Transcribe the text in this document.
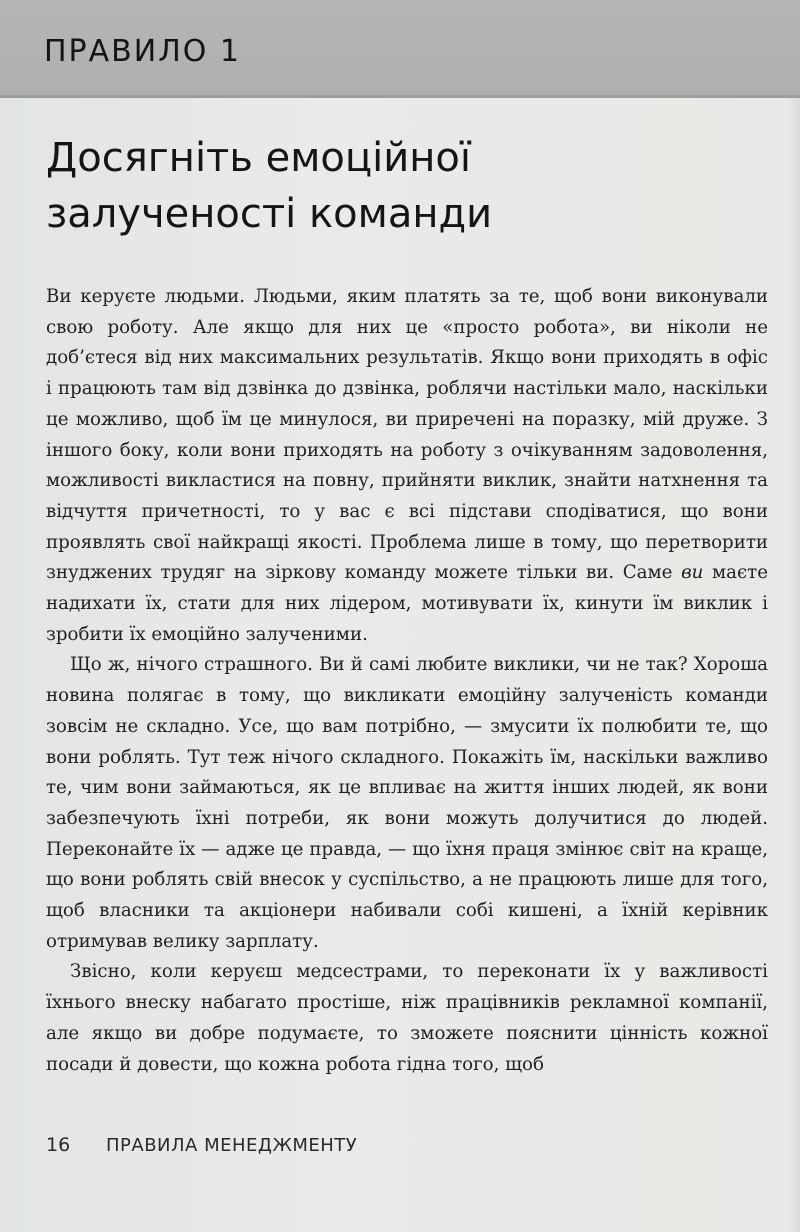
ПРАВИЛО 1
Досягніть емоційної
залученості команди

Ви керуєте людьми. Людьми, яким платять за те, щоб вони виконували свою роботу. Але якщо для них це «просто робота», ви ніколи не доб’єтеся від них максимальних результатів. Якщо вони приходять в офіс і працюють там від дзвінка до дзвінка, роблячи настільки мало, наскільки це можливо, щоб їм це минулося, ви приречені на поразку, мій друже. З іншого боку, коли вони приходять на роботу з очікуванням задоволення, можливості викластися на повну, прийняти виклик, знайти натхнення та відчуття причетності, то у вас є всі підстави сподіватися, що вони проявлять свої найкращі якості. Проблема лише в тому, що перетворити знуджених трудяг на зіркову команду можете тільки ви. Саме ви маєте надихати їх, стати для них лідером, мотивувати їх, кинути їм виклик і зробити їх емоційно залученими.

Що ж, нічого страшного. Ви й самі любите виклики, чи не так? Хороша новина полягає в тому, що викликати емоційну залученість команди зовсім не складно. Усе, що вам потрібно, — змусити їх полюбити те, що вони роблять. Тут теж нічого складного. Покажіть їм, наскільки важливо те, чим вони займаються, як це впливає на життя інших людей, як вони забезпечують їхні потреби, як вони можуть долучитися до людей. Переконайте їх — адже це правда, — що їхня праця змінює світ на краще, що вони роблять свій внесок у суспільство, а не працюють лише для того, щоб власники та акціонери набивали собі кишені, а їхній керівник отримував велику зарплату.

Звісно, коли керуєш медсестрами, то переконати їх у важливості їхнього внеску набагато простіше, ніж працівників рекламної компанії, але якщо ви добре подумаєте, то зможете пояснити цінність кожної посади й довести, що кожна робота гідна того, щоб

16 ПРАВИЛА МЕНЕДЖМЕНТУ
